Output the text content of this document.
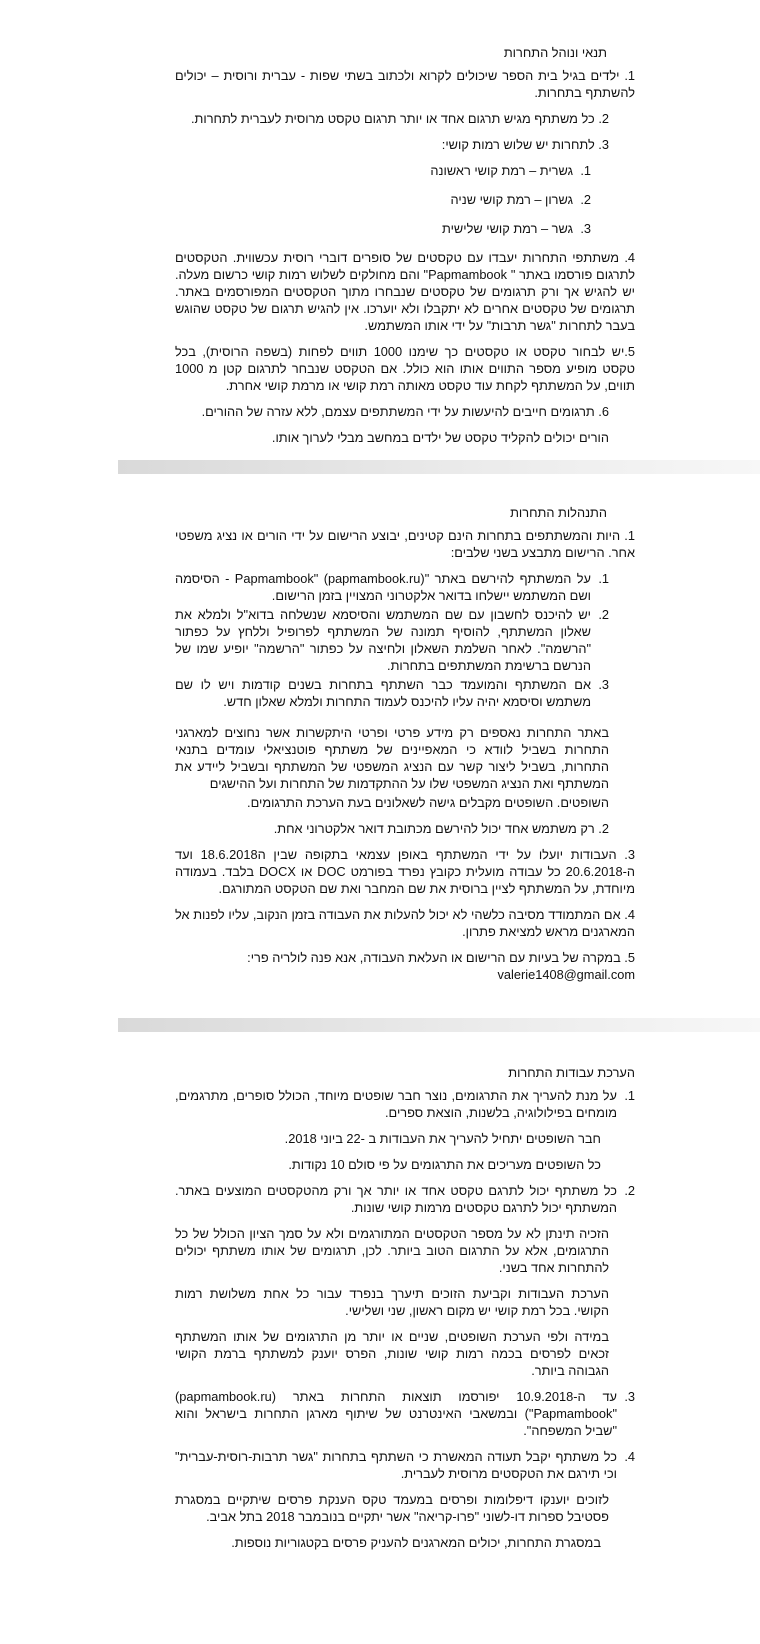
תנאי ונוהל התחרות
1. ילדים בגיל בית הספר שיכולים לקרוא ולכתוב בשתי שפות - עברית ורוסית – יכולים להשתתף בתחרות.
2. כל משתתף מגיש תרגום אחד או יותר תרגום טקסט מרוסית לעברית לתחרות.
3. לתחרות יש שלוש רמות קושי:
1.
גשרית – רמת קושי ראשונה
2.
גשרון – רמת קושי שניה
3.
גשר – רמת קושי שלישית
4. משתתפי התחרות יעבדו עם טקסטים של סופרים דוברי רוסית עכשווית. הטקסטים לתרגום פורסמו באתר " Papmambook" והם מחולקים לשלוש רמות קושי כרשום מעלה. יש להגיש אך ורק תרגומים של טקסטים שנבחרו מתוך הטקסטים המפורסמים באתר. תרגומים של טקסטים אחרים לא יתקבלו ולא יוערכו. אין להגיש תרגום של טקסט שהוגש בעבר לתחרות "גשר תרבות" על ידי אותו המשתמש.
5.יש לבחור טקסט או טקסטים כך שימנו 1000 תווים לפחות (בשפה הרוסית), בכל טקסט מופיע מספר התווים אותו הוא כולל. אם הטקסט שנבחר לתרגום קטן מ 1000 תווים, על המשתתף לקחת עוד טקסט מאותה רמת קושי או מרמת קושי אחרת.
6. תרגומים חייבים להיעשות על ידי המשתתפים עצמם, ללא עזרה של ההורים.
הורים יכולים להקליד טקסט של ילדים במחשב מבלי לערוך אותו.
התנהלות התחרות
1. היות והמשתתפים בתחרות הינם קטינים, יבוצע הרישום על ידי הורים או נציג משפטי אחר. הרישום מתבצע בשני שלבים:
1.
על המשתתף להירשם באתר "Papmambook" (papmambook.ru) - הסיסמה ושם המשתמש יישלחו בדואר אלקטרוני המצויין בזמן הרישום.
2.
יש להיכנס לחשבון עם שם המשתמש והסיסמא שנשלחה בדוא"ל ולמלא את שאלון המשתתף, להוסיף תמונה של המשתתף לפרופיל וללחץ על כפתור "הרשמה". לאחר השלמת השאלון ולחיצה על כפתור "הרשמה" יופיע שמו של הנרשם ברשימת המשתתפים בתחרות.
3.
אם המשתתף והמועמד כבר השתתף בתחרות בשנים קודמות ויש לו שם משתמש וסיסמא יהיה עליו להיכנס לעמוד התחרות ולמלא שאלון חדש.
באתר התחרות נאספים רק מידע פרטי ופרטי היתקשרות אשר נחוצים למארגני התחרות בשביל לוודא כי המאפיינים של משתתף פוטנציאלי עומדים בתנאי התחרות, בשביל ליצור קשר עם הנציג המשפטי של המשתתף ובשביל ליידע את המשתתף ואת הנציג המשפטי שלו על ההתקדמות של התחרות ועל ההישגים
השופטים. השופטים מקבלים גישה לשאלונים בעת הערכת התרגומים.
2. רק משתמש אחד יכול להירשם מכתובת דואר אלקטרוני אחת.
3. העבודות יועלו על ידי המשתתף באופן עצמאי בתקופה שבין ה18.6.2018 ועד ה-20.6.2018 כל עבודה מועלית כקובץ נפרד בפורמט DOC או DOCX בלבד. בעמודה מיוחדת, על המשתתף לציין ברוסית את שם המחבר ואת שם הטקסט המתורגם.
4. אם המתמודד מסיבה כלשהי לא יכול להעלות את העבודה בזמן הנקוב, עליו לפנות אל המארגנים מראש למציאת פתרון.
5. במקרה של בעיות עם הרישום או העלאת העבודה, אנא פנה לולריה פרי:
valerie1408@gmail.com
הערכת עבודות התחרות
1.
על מנת להעריך את התרגומים, נוצר חבר שופטים מיוחד, הכולל סופרים, מתרגמים, מומחים בפילולוגיה, בלשנות, הוצאת ספרים.
חבר השופטים יתחיל להעריך את העבודות ב -22 ביוני 2018.
כל השופטים מעריכים את התרגומים על פי סולם 10 נקודות.
2.
כל משתתף יכול לתרגם טקסט אחד או יותר אך ורק מהטקסטים המוצעים באתר. המשתתף יכול לתרגם טקסטים מרמות קושי שונות.
הזכיה תינתן לא על מספר הטקסטים המתורגמים ולא על סמך הציון הכולל של כל התרגומים, אלא על התרגום הטוב ביותר. לכן, תרגומים של אותו משתתף יכולים להתחרות אחד בשני.
הערכת העבודות וקביעת הזוכים תיערך בנפרד עבור כל אחת משלושת רמות הקושי. בכל רמת קושי יש מקום ראשון, שני ושלישי.
במידה ולפי הערכת השופטים, שניים או יותר מן התרגומים של אותו המשתתף זכאים לפרסים בכמה רמות קושי שונות, הפרס יוענק למשתתף ברמת הקושי הגבוהה ביותר.
3.
עד ה-10.9.2018 יפורסמו תוצאות התחרות באתר (papmambook.ru) "Papmambook") ובמשאבי האינטרנט של שיתוף מארגן התחרות בישראל והוא "שביל המשפחה".
4.
כל משתתף יקבל תעודה המאשרת כי השתתף בתחרות "גשר תרבות-רוסית-עברית" וכי תירגם את הטקסטים מרוסית לעברית.
לזוכים יוענקו דיפלומות ופרסים במעמד טקס הענקת פרסים שיתקיים במסגרת פסטיבל ספרות דו-לשוני "פרו-קריאה" אשר יתקיים בנובמבר 2018 בתל אביב.
במסגרת התחרות, יכולים המארגנים להעניק פרסים בקטגוריות נוספות.
